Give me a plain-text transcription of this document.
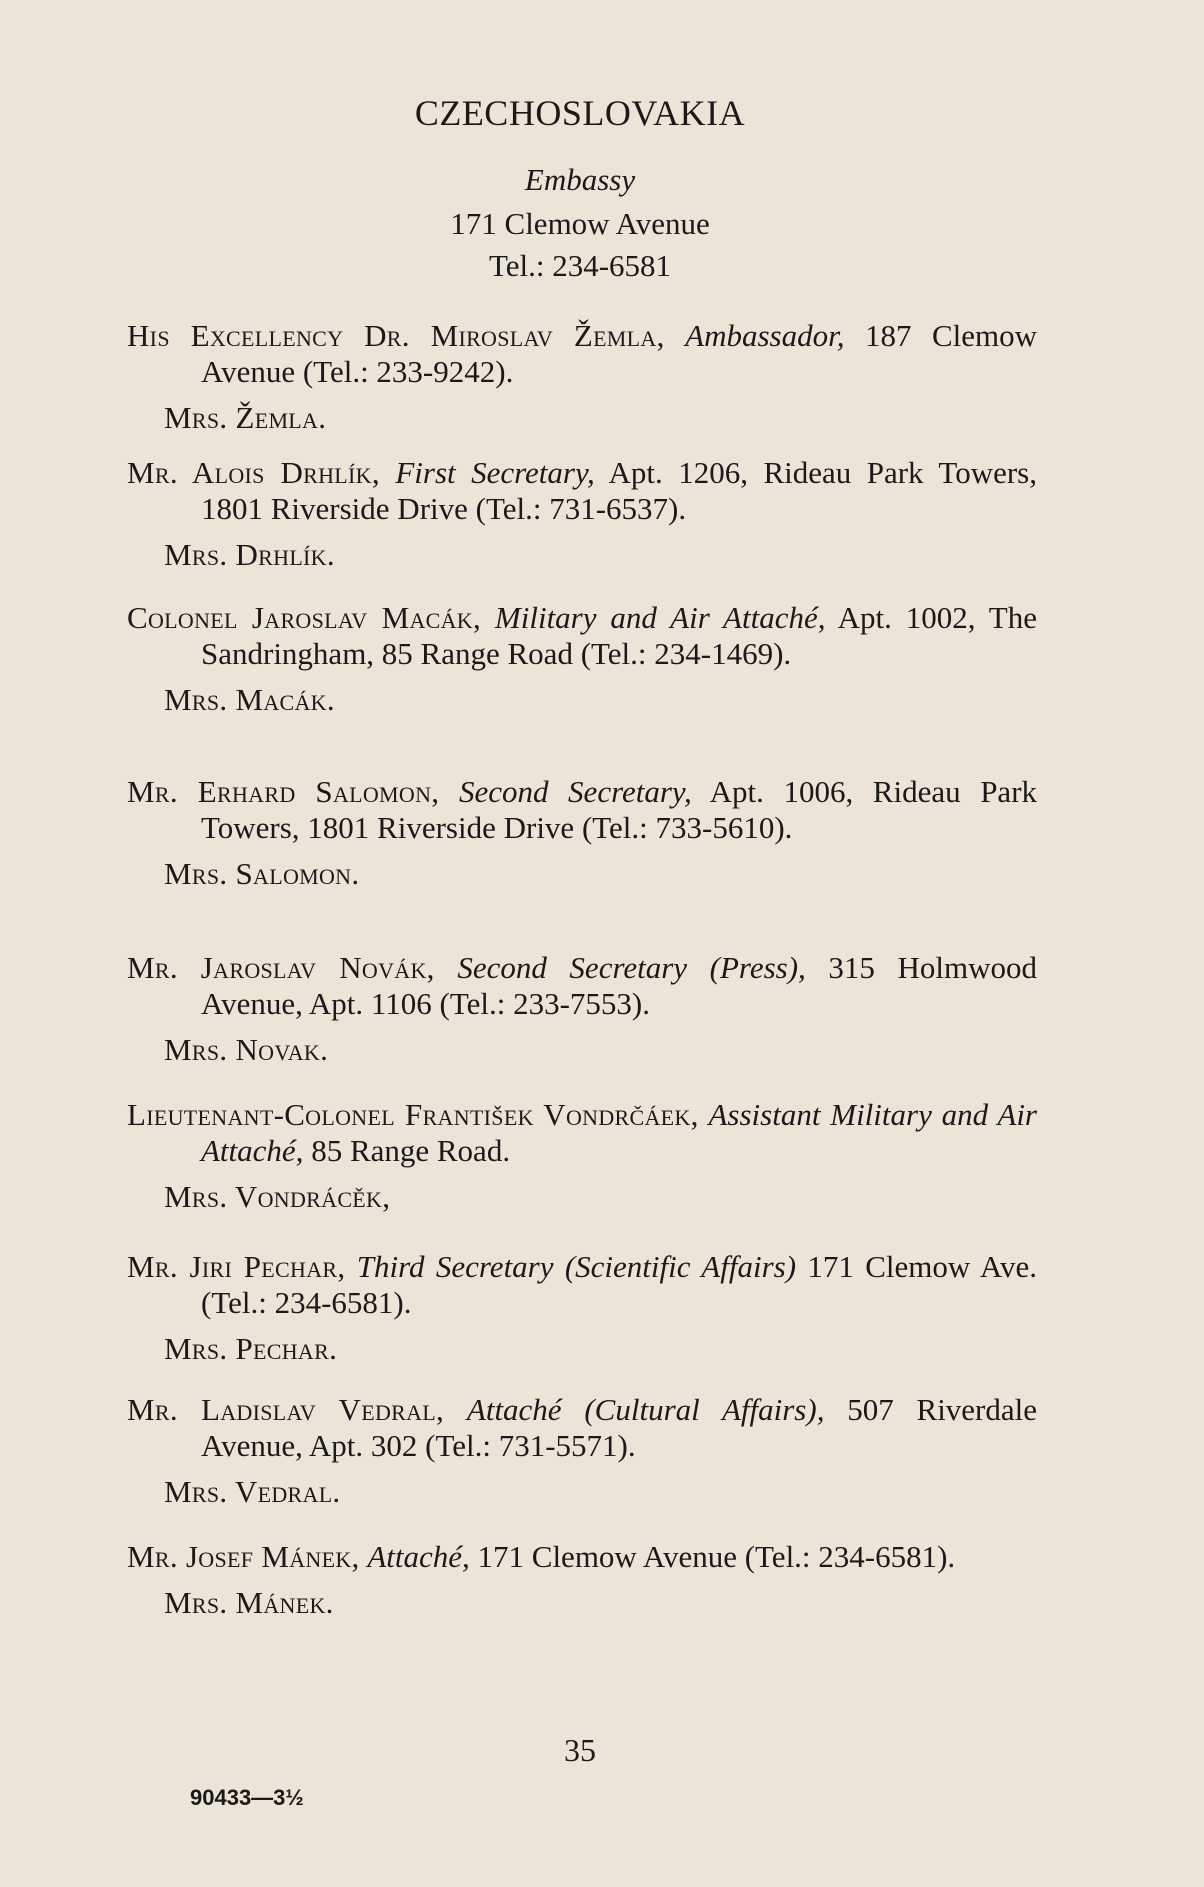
CZECHOSLOVAKIA
Embassy
171 Clemow Avenue
Tel.: 234-6581
His Excellency Dr. Miroslav Žemla, Ambassador, 187 Clemow Avenue (Tel.: 233-9242).
Mrs. Žemla.
Mr. Alois Drhlík, First Secretary, Apt. 1206, Rideau Park Towers, 1801 Riverside Drive (Tel.: 731-6537).
Mrs. Drhlík.
Colonel Jaroslav Macák, Military and Air Attaché, Apt. 1002, The Sandringham, 85 Range Road (Tel.: 234-1469).
Mrs. Macák.
Mr. Erhard Salomon, Second Secretary, Apt. 1006, Rideau Park Towers, 1801 Riverside Drive (Tel.: 733-5610).
Mrs. Salomon.
Mr. Jaroslav Novák, Second Secretary (Press), 315 Holmwood Avenue, Apt. 1106 (Tel.: 233-7553).
Mrs. Novak.
Lieutenant-Colonel František Vondrčáek, Assistant Military and Air Attaché, 85 Range Road.
Mrs. Vondrácěk,
Mr. Jiri Pechar, Third Secretary (Scientific Affairs) 171 Clemow Ave. (Tel.: 234-6581).
Mrs. Pechar.
Mr. Ladislav Vedral, Attaché (Cultural Affairs), 507 Riverdale Avenue, Apt. 302 (Tel.: 731-5571).
Mrs. Vedral.
Mr. Josef Mánek, Attaché, 171 Clemow Avenue (Tel.: 234-6581).
Mrs. Mánek.
35
90433—3½
